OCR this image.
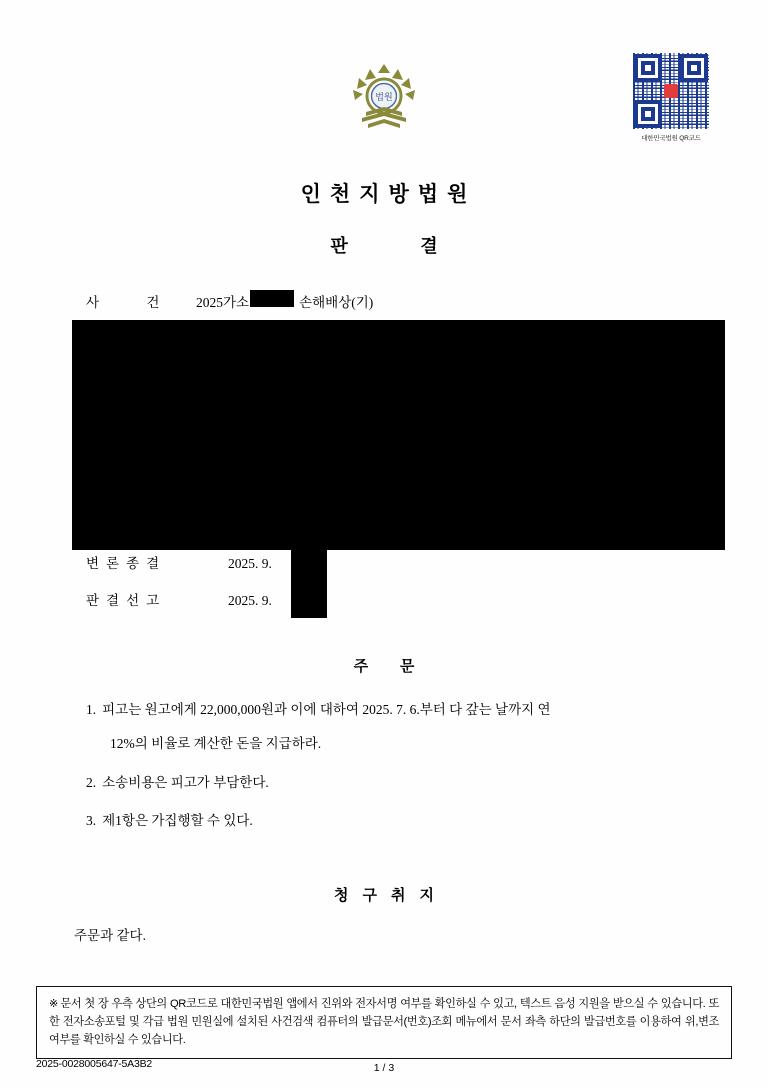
법원
대한민국법원 QR코드
인천지방법원
판 결
사 건	2025가소	손해배상(기)
변론종결	2025. 9.
판결선고	2025. 9.
주 문
1. 피고는 원고에게 22,000,000원과 이에 대하여 2025. 7. 6.부터 다 갚는 날까지 연
12%의 비율로 계산한 돈을 지급하라.
2. 소송비용은 피고가 부담한다.
3. 제1항은 가집행할 수 있다.
청구취지
주문과 같다.
※ 문서 첫 장 우측 상단의 QR코드로 대한민국법원 앱에서 진위와 전자서명 여부를 확인하실 수 있고, 텍스트 음성 지원을 받으실 수 있습니다. 또한 전자소송포털 및 각급 법원 민원실에 설치된 사건검색 컴퓨터의 발급문서(번호)조회 메뉴에서 문서 좌측 하단의 발급번호를 이용하여 위,변조 여부를 확인하실 수 있습니다.
2025-0028005647-5A3B2	1 / 3
